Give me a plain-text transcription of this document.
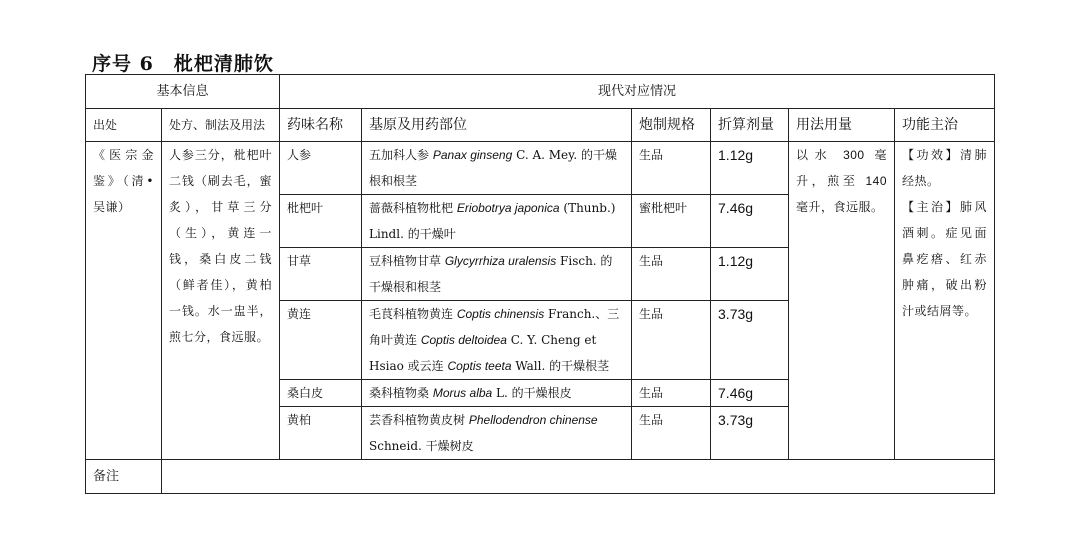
序号 6　枇杷清肺饮
基本信息		现代对应情况					
出处	处方、制法及用法	药味名称	基原及用药部位	炮制规格	折算剂量	用法用量	功能主治
《医宗金鉴》（清•吴谦）	人参三分，枇杷叶二钱（刷去毛，蜜炙），甘草三分（生），黄连一钱，桑白皮二钱（鲜者佳），黄柏一钱。水一盅半，煎七分，食远服。	人参	五加科人参 Panax ginseng C. A. Mey. 的干燥根和根茎	生品	1.12g	以水 300 毫升，煎至 140 毫升，食远服。	【功效】清肺经热。
【主治】肺风酒刺。症见面鼻疙瘩、红赤肿痛，破出粉汁或结屑等。
		枇杷叶	蔷薇科植物枇杷 Eriobotrya japonica (Thunb.) Lindl. 的干燥叶	蜜枇杷叶	7.46g		
		甘草	豆科植物甘草 Glycyrrhiza uralensis Fisch. 的干燥根和根茎	生品	1.12g		
		黄连	毛茛科植物黄连 Coptis chinensis Franch.、三角叶黄连 Coptis deltoidea C. Y. Cheng et Hsiao 或云连 Coptis teeta Wall. 的干燥根茎	生品	3.73g		
		桑白皮	桑科植物桑 Morus alba L. 的干燥根皮	生品	7.46g		
		黄柏	芸香科植物黄皮树 Phellodendron chinense Schneid. 干燥树皮	生品	3.73g		
备注							
